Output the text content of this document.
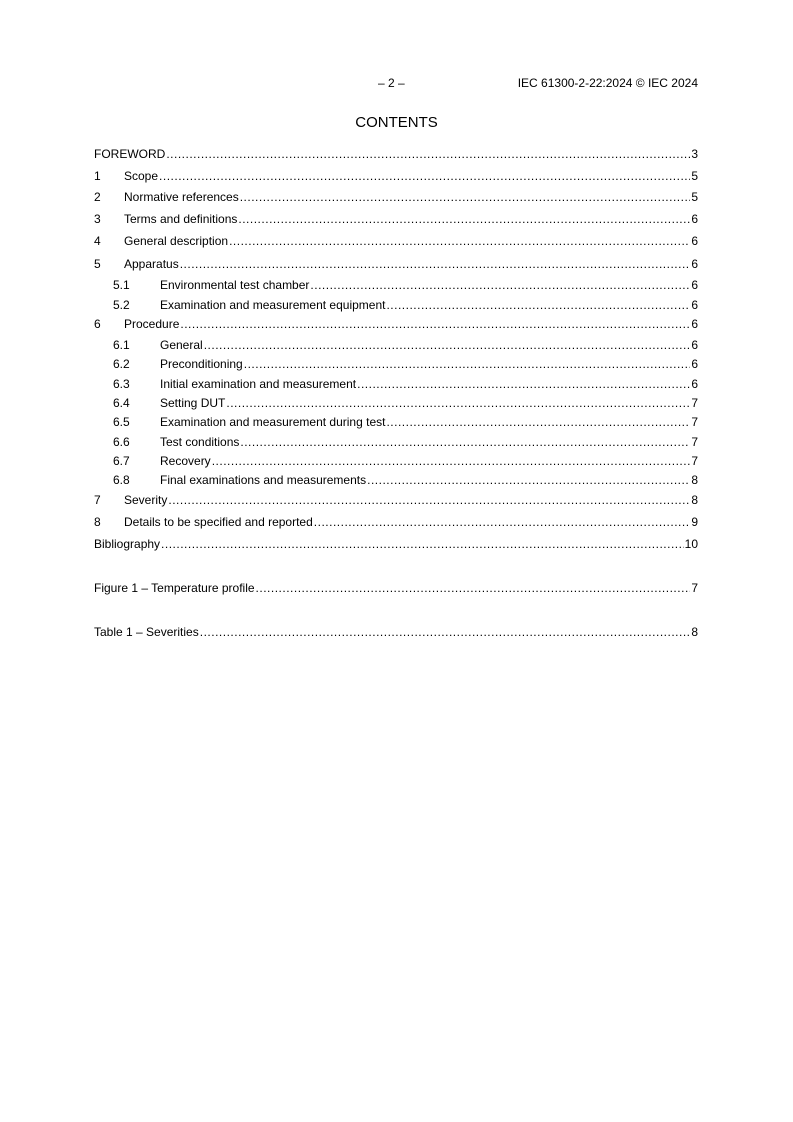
– 2 –	IEC 61300-2-22:2024 © IEC 2024
CONTENTS
FOREWORD .....	3
1	Scope .....	5
2	Normative references .....	5
3	Terms and definitions .....	6
4	General description .....	6
5	Apparatus .....	6
5.1	Environmental test chamber .....	6
5.2	Examination and measurement equipment .....	6
6	Procedure .....	6
6.1	General .....	6
6.2	Preconditioning .....	6
6.3	Initial examination and measurement .....	6
6.4	Setting DUT .....	7
6.5	Examination and measurement during test .....	7
6.6	Test conditions .....	7
6.7	Recovery .....	7
6.8	Final examinations and measurements .....	8
7	Severity .....	8
8	Details to be specified and reported .....	9
Bibliography .....	10
Figure 1 – Temperature profile .....	7
Table 1 – Severities .....	8
